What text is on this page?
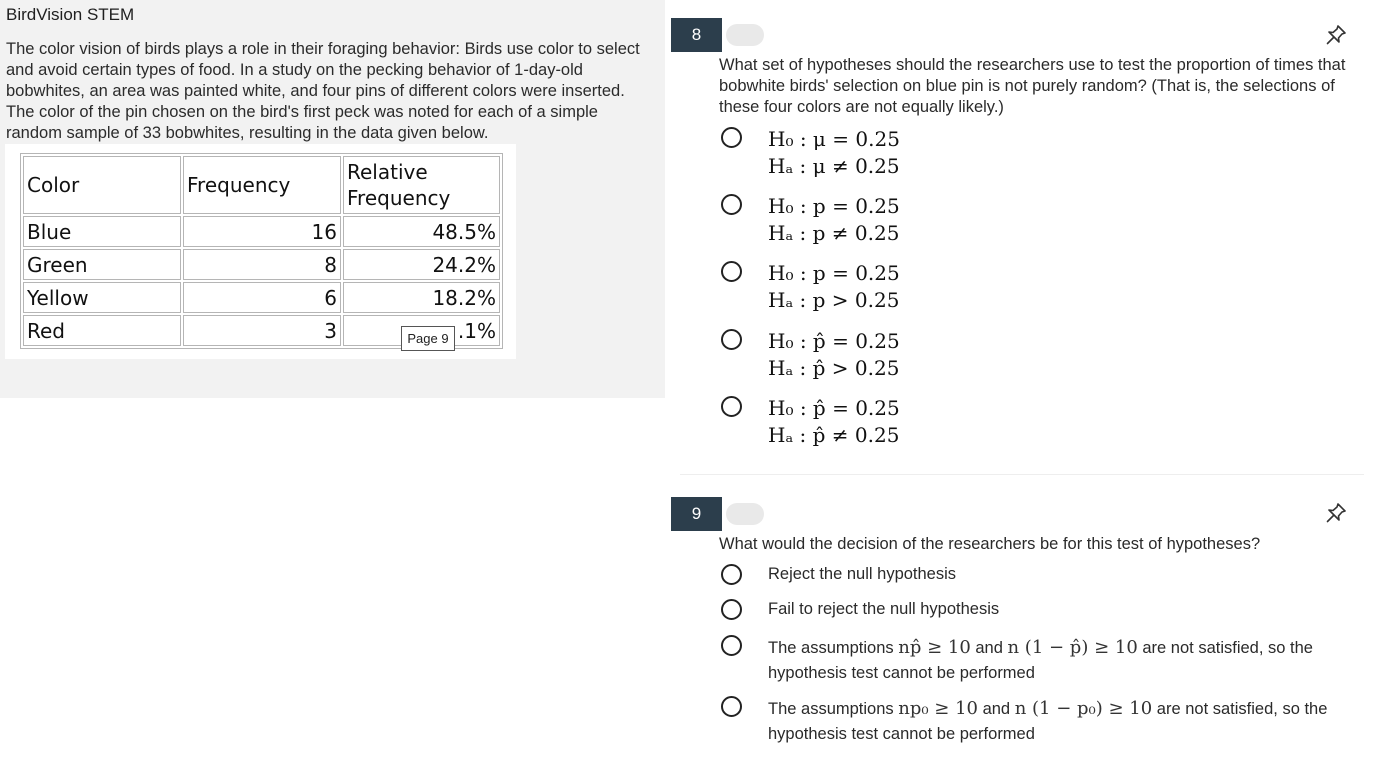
BirdVision STEM
The color vision of birds plays a role in their foraging behavior: Birds use color to select and avoid certain types of food. In a study on the pecking behavior of 1-day-old bobwhites, an area was painted white, and four pins of different colors were inserted. The color of the pin chosen on the bird's first peck was noted for each of a simple random sample of 33 bobwhites, resulting in the data given below.
Color	Frequency	Relative Frequency
Blue	16	48.5%
Green	8	24.2%
Yellow	6	18.2%
Red	3	.1%
Page 9
8
What set of hypotheses should the researchers use to test the proportion of times that bobwhite birds' selection on blue pin is not purely random? (That is, the selections of these four colors are not equally likely.)
H₀ : μ = 0.25
Hₐ : μ ≠ 0.25
H₀ : p = 0.25
Hₐ : p ≠ 0.25
H₀ : p = 0.25
Hₐ : p > 0.25
H₀ : p̂ = 0.25
Hₐ : p̂ > 0.25
H₀ : p̂ = 0.25
Hₐ : p̂ ≠ 0.25
9
What would the decision of the researchers be for this test of hypotheses?
Reject the null hypothesis
Fail to reject the null hypothesis
The assumptions np̂ ≥ 10 and n (1 − p̂) ≥ 10 are not satisfied, so the
hypothesis test cannot be performed
The assumptions np₀ ≥ 10 and n (1 − p₀) ≥ 10 are not satisfied, so the
hypothesis test cannot be performed
